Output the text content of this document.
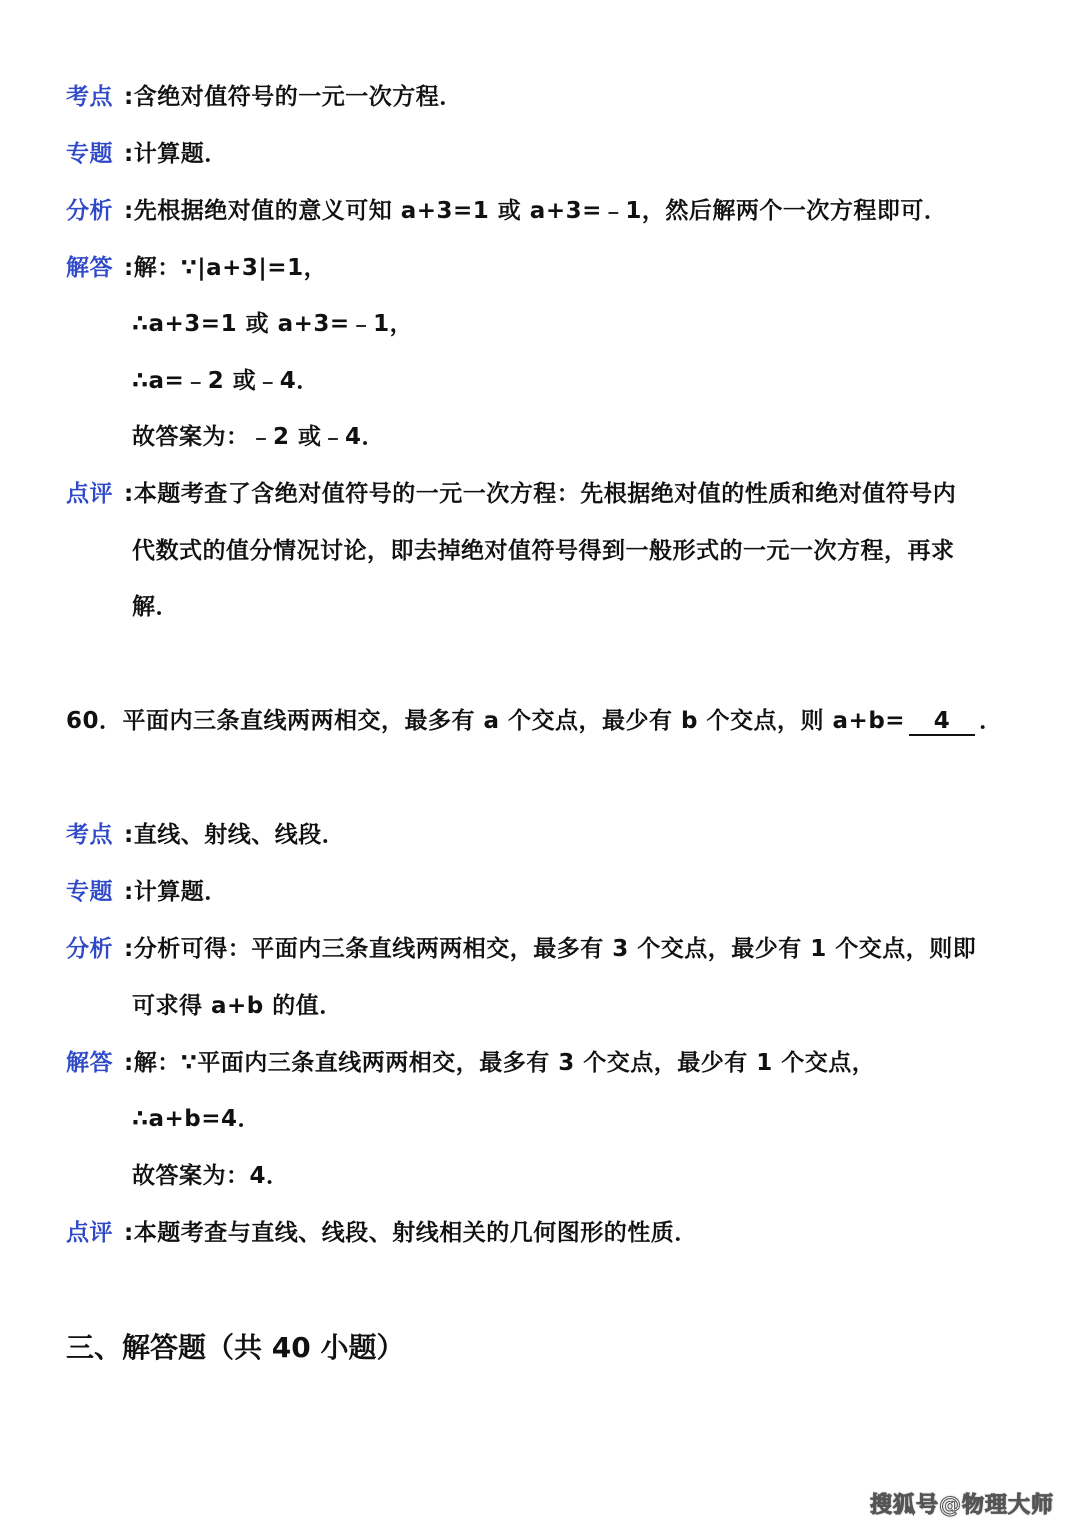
考点 :含绝对值符号的一元一次方程．
专题 :计算题．
分析 :先根据绝对值的意义可知 a+3=1 或 a+3=﹣1，然后解两个一次方程即可．
解答 :解：∵|a+3|=1，
∴a+3=1 或 a+3=﹣1，
∴a=﹣2 或﹣4．
故答案为：﹣2 或﹣4．
点评 :本题考查了含绝对值符号的一元一次方程：先根据绝对值的性质和绝对值符号内
代数式的值分情况讨论，即去掉绝对值符号得到一般形式的一元一次方程，再求
解．
60．平面内三条直线两两相交，最多有 a 个交点，最少有 b 个交点，则 a+b= 4 ．
考点 :直线、射线、线段．
专题 :计算题．
分析 :分析可得：平面内三条直线两两相交，最多有 3 个交点，最少有 1 个交点，则即
可求得 a+b 的值．
解答 :解：∵平面内三条直线两两相交，最多有 3 个交点，最少有 1 个交点，
∴a+b=4．
故答案为：4．
点评 :本题考查与直线、线段、射线相关的几何图形的性质．
三、解答题（共 40 小题）
搜狐号@物理大师
